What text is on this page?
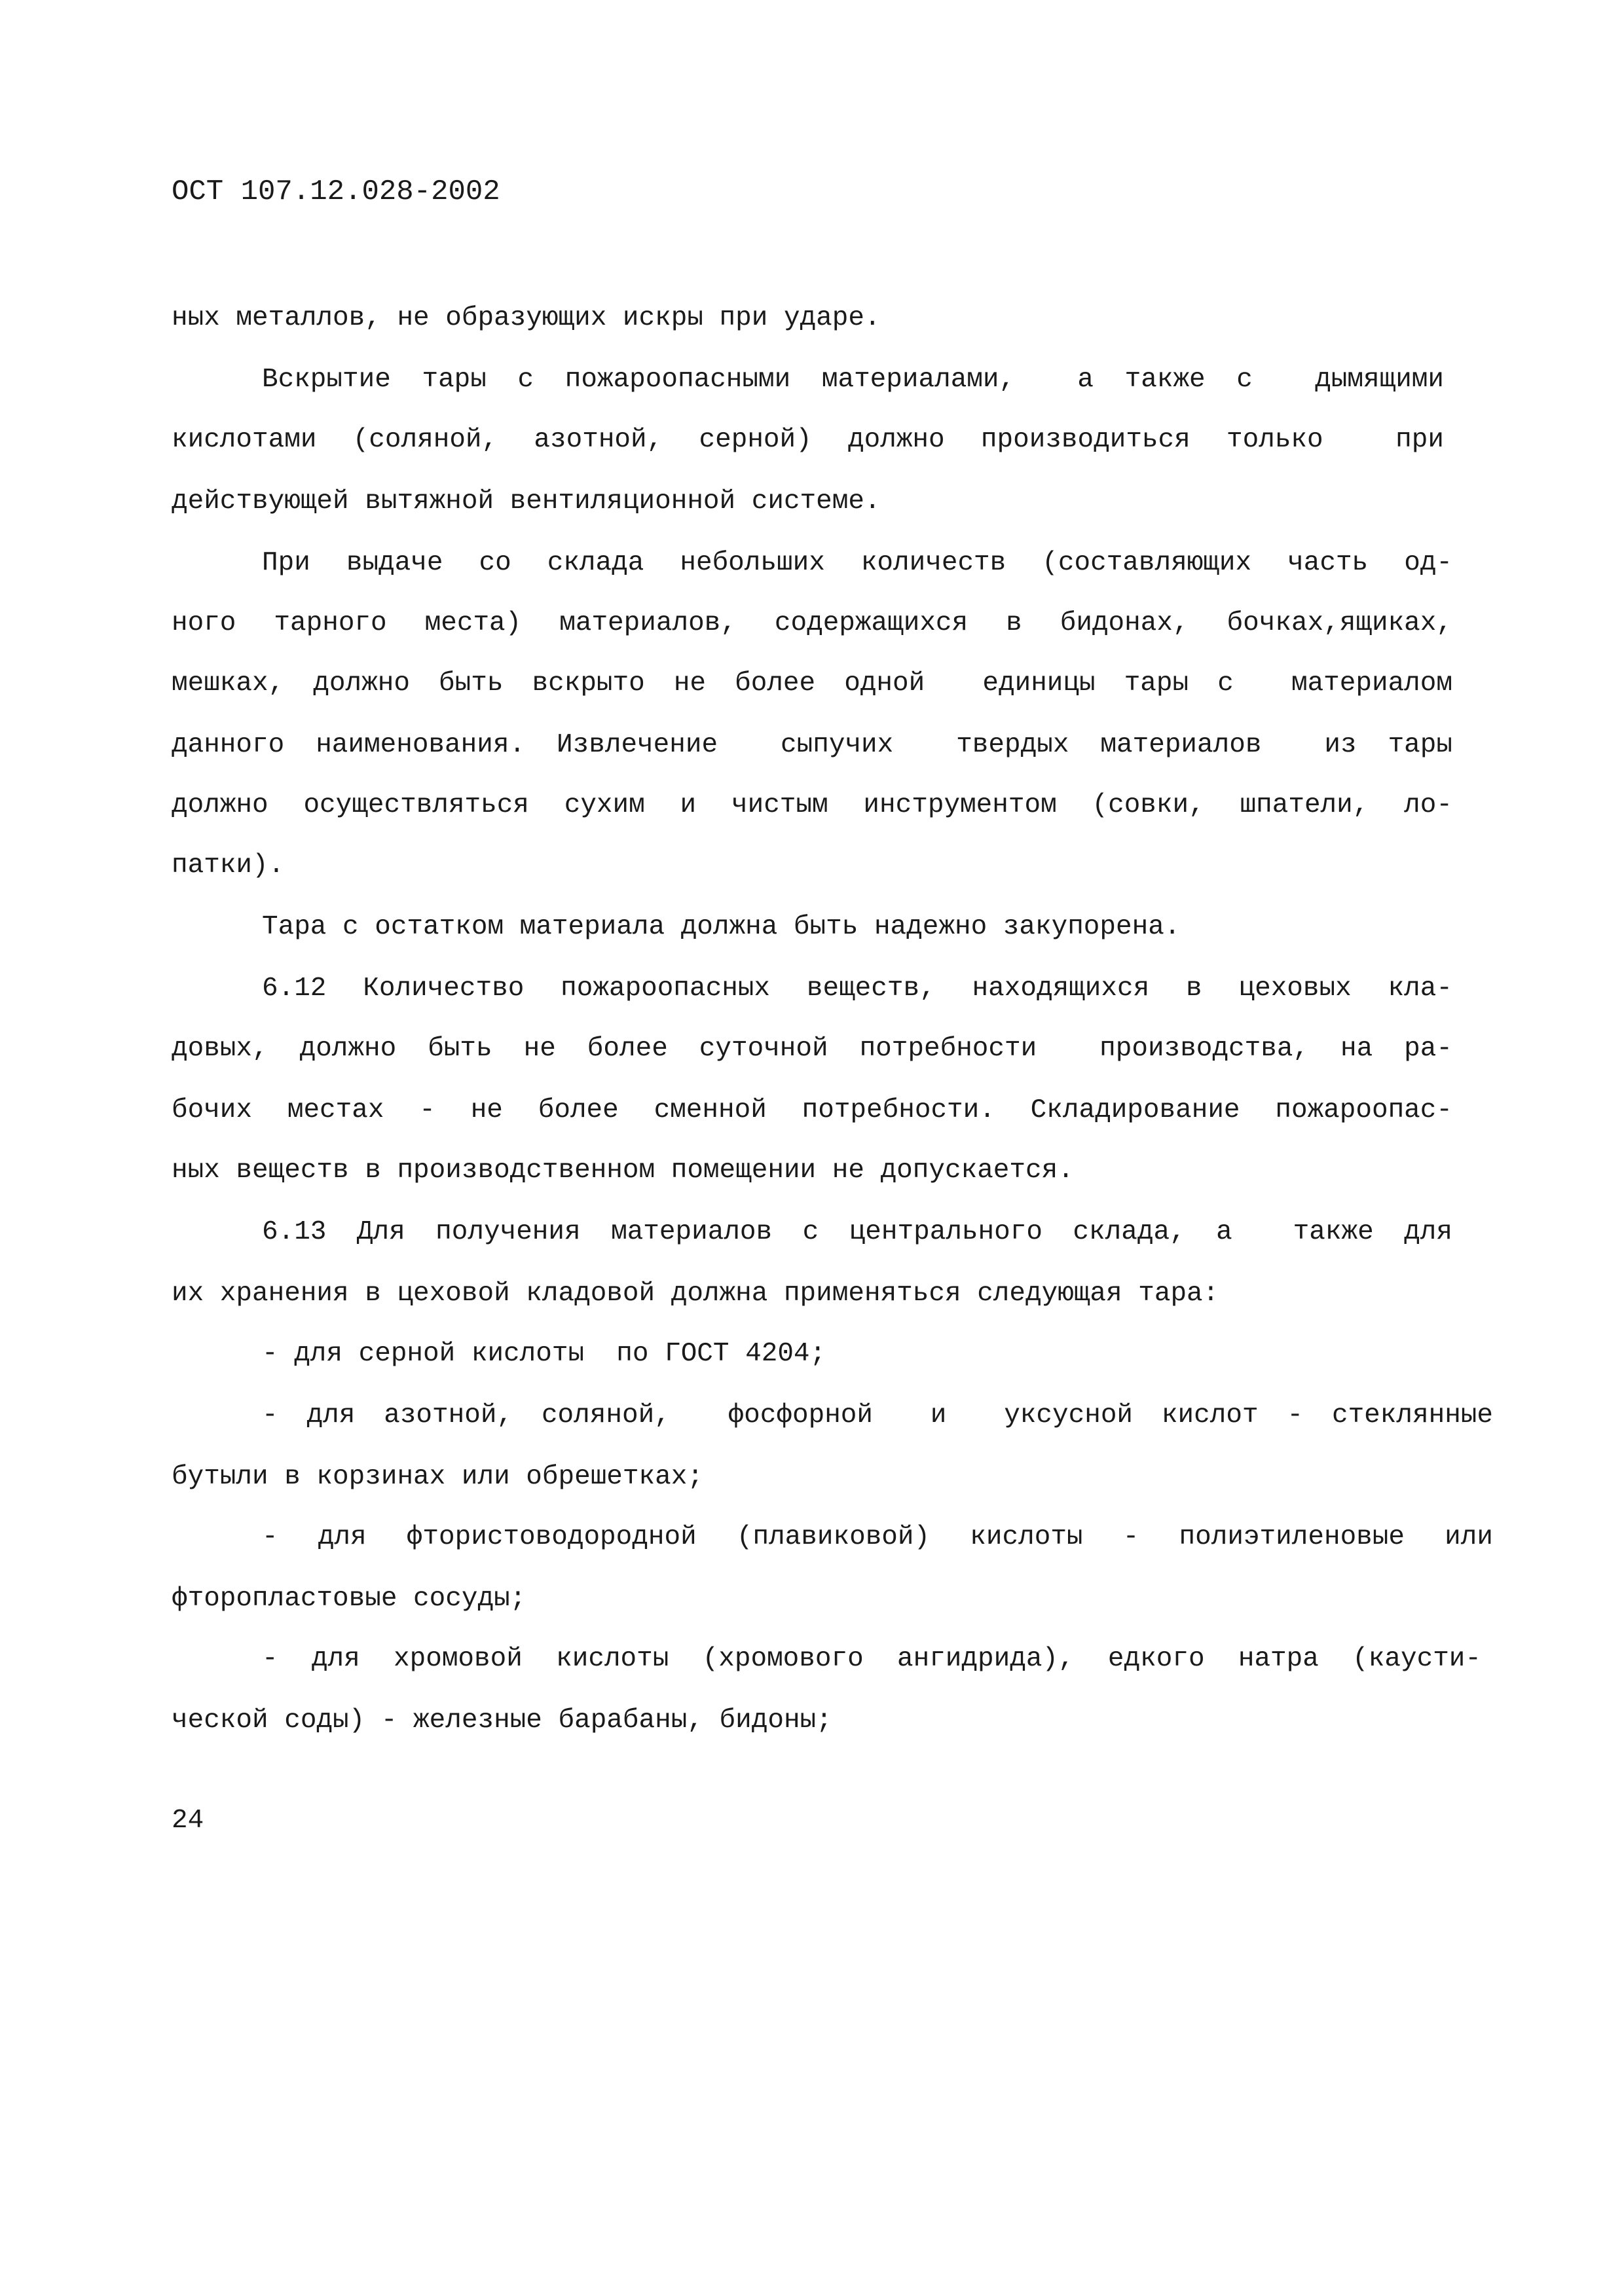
ОСТ 107.12.028-2002
ных металлов, не образующих искры при ударе.
Вскрытие тары с пожароопасными материалами,  а также с  дымящими
кислотами (соляной, азотной, серной) должно производиться только  при
действующей вытяжной вентиляционной системе.
При выдаче со склада небольших количеств (составляющих часть од-
ного тарного места) материалов, содержащихся в бидонах, бочках,ящиках,
мешках, должно быть вскрыто не более одной  единицы тары с  материалом
данного наименования. Извлечение  сыпучих  твердых материалов  из тары
должно осуществляться сухим и чистым инструментом (совки, шпатели, ло-
патки).
Тара с остатком материала должна быть надежно закупорена.
6.12 Количество пожароопасных веществ, находящихся в цеховых кла-
довых, должно быть не более суточной потребности  производства, на ра-
бочих местах - не более сменной потребности. Складирование пожароопас-
ных веществ в производственном помещении не допускается.
6.13 Для получения материалов с центрального склада, а  также для
их хранения в цеховой кладовой должна применяться следующая тара:
- для серной кислоты  по ГОСТ 4204;
- для азотной, соляной,  фосфорной  и  уксусной кислот - стеклянные
бутыли в корзинах или обрешетках;
- для фтористоводородной (плавиковой) кислоты - полиэтиленовые или
фторопластовые сосуды;
- для хромовой кислоты (хромового ангидрида), едкого натра (каусти-
ческой соды) - железные барабаны, бидоны;
24
